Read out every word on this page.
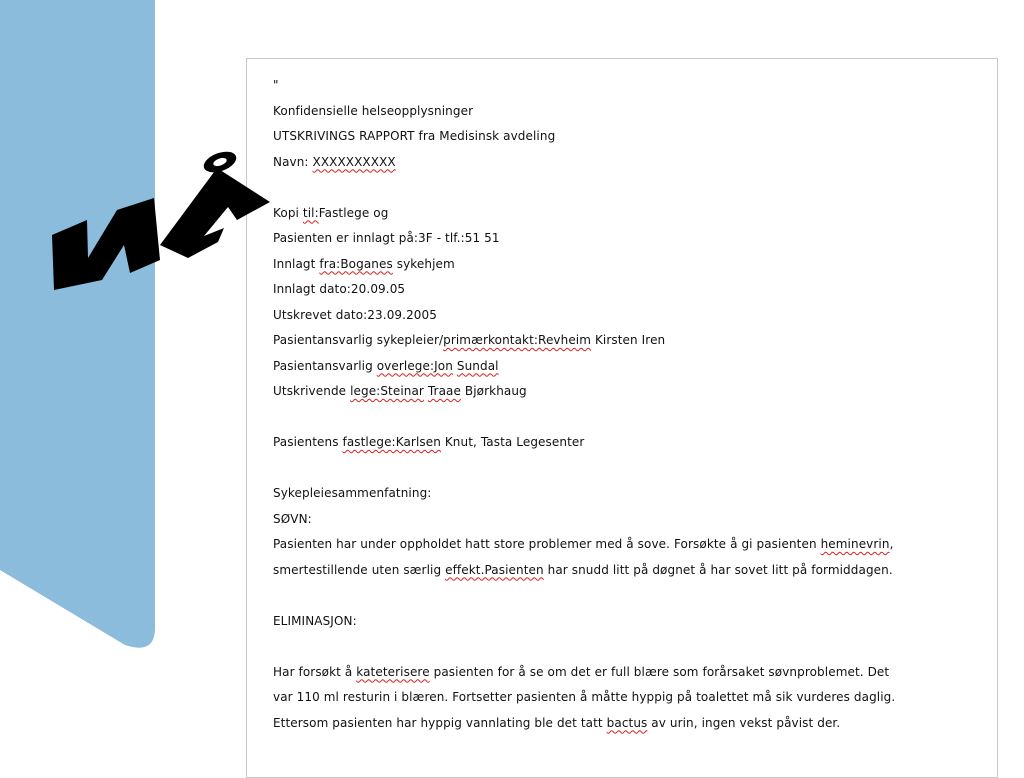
"
Konfidensielle helseopplysninger
UTSKRIVINGS RAPPORT fra Medisinsk avdeling
Navn: XXXXXXXXXX
Kopi til:Fastlege og
Pasienten er innlagt på:3F - tlf.:51 51
Innlagt fra:Boganes sykehjem
Innlagt dato:20.09.05
Utskrevet dato:23.09.2005
Pasientansvarlig sykepleier/primærkontakt:Revheim Kirsten Iren
Pasientansvarlig overlege:Jon Sundal
Utskrivende lege:Steinar Traae Bjørkhaug
Pasientens fastlege:Karlsen Knut, Tasta Legesenter
Sykepleiesammenfatning:
SØVN:
Pasienten har under oppholdet hatt store problemer med å sove. Forsøkte å gi pasienten heminevrin,
smertestillende uten særlig effekt.Pasienten har snudd litt på døgnet å har sovet litt på formiddagen.
ELIMINASJON:
Har forsøkt å kateterisere pasienten for å se om det er full blære som forårsaket søvnproblemet. Det
var 110 ml resturin i blæren. Fortsetter pasienten å måtte hyppig på toalettet må sik vurderes daglig.
Ettersom pasienten har hyppig vannlating ble det tatt bactus av urin, ingen vekst påvist der.
